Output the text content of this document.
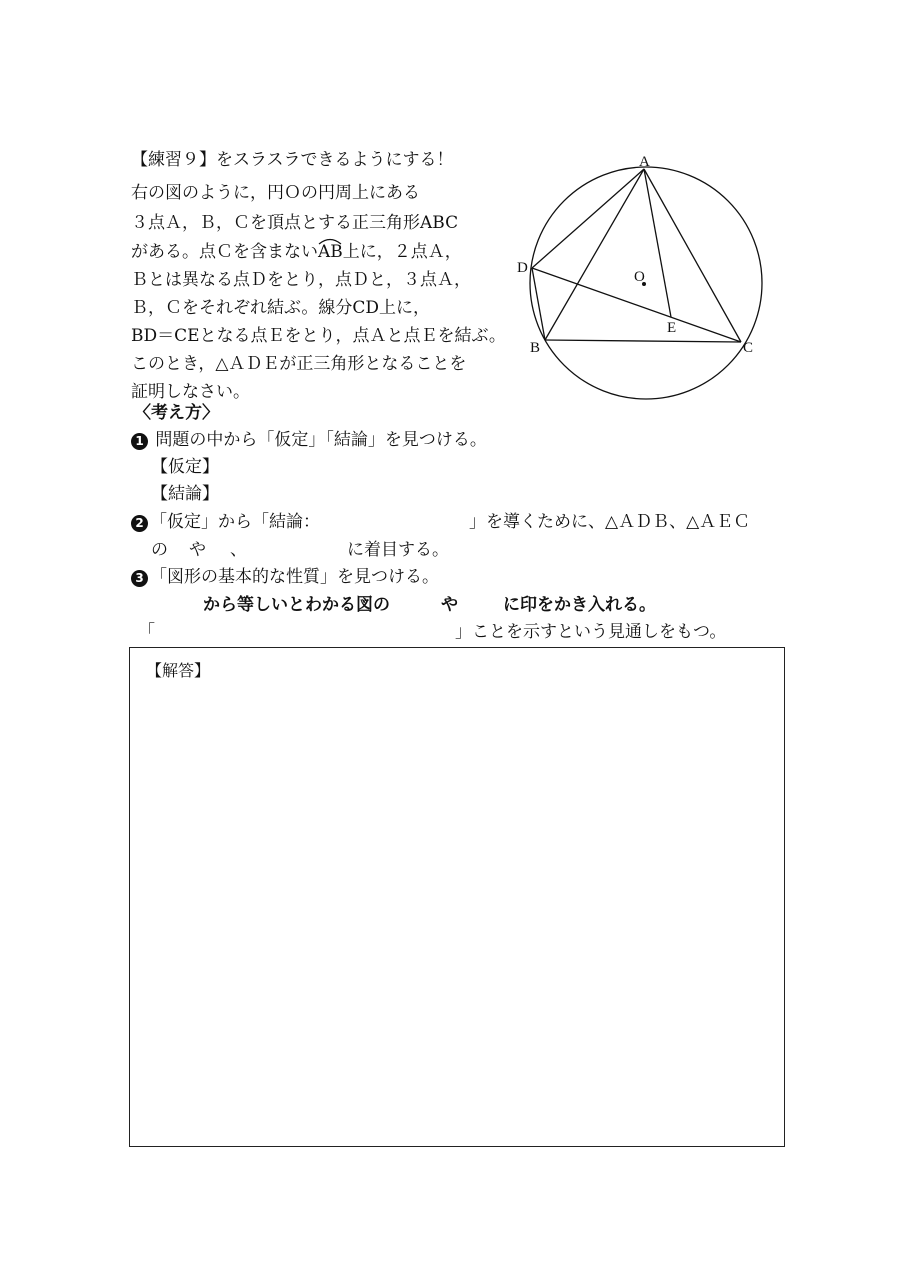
【練習９】をスラスラできるようにする！
右の図のように，円Ｏの円周上にある
３点Ａ，Ｂ，Ｃを頂点とする正三角形ABC
がある。点Ｃを含まない
AB上に，２点Ａ，
Ｂとは異なる点Ｄをとり，点Ｄと，３点Ａ，
Ｂ，Ｃをそれぞれ結ぶ。線分CD上に，
BD＝CEとなる点Ｅをとり，点Ａと点Ｅを結ぶ。
このとき，△ＡＤＥが正三角形となることを
証明しなさい。
A
B	C
D
E
O
〈考え方〉
1 問題の中から「仮定」「結論」を見つける。
【仮定】
【結論】
2 「仮定」から「結論：	」を導くために、△ＡＤＢ、△ＡＥＣ
の や 、	に着目する。
3 「図形の基本的な性質」を見つける。
から等しいとわかる図の	や	に印をかき入れる。
「	」ことを示すという見通しをもつ。
【解答】
